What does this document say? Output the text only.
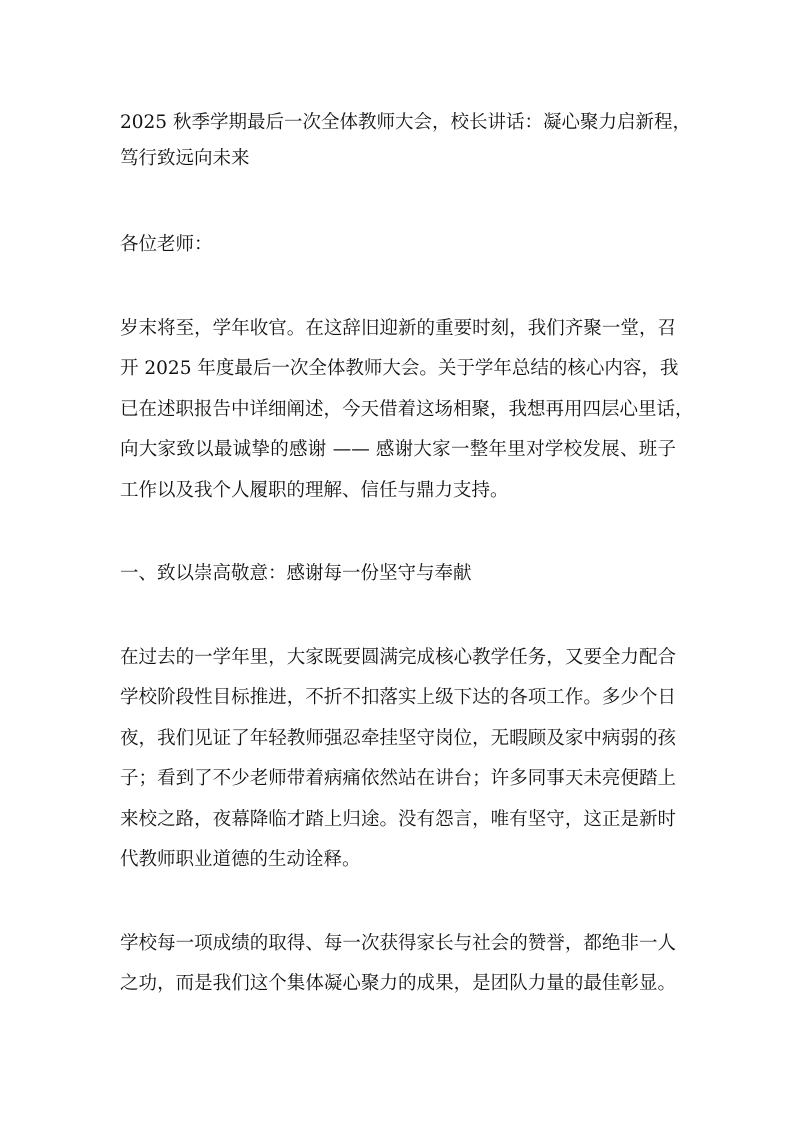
2025 秋季学期最后一次全体教师大会，校长讲话：凝心聚力启新程，
笃行致远向未来
各位老师：
岁末将至，学年收官。在这辞旧迎新的重要时刻，我们齐聚一堂，召
开 2025 年度最后一次全体教师大会。关于学年总结的核心内容，我
已在述职报告中详细阐述，今天借着这场相聚，我想再用四层心里话，
向大家致以最诚挚的感谢 —— 感谢大家一整年里对学校发展、班子
工作以及我个人履职的理解、信任与鼎力支持。
一、致以崇高敬意：感谢每一份坚守与奉献
在过去的一学年里，大家既要圆满完成核心教学任务，又要全力配合
学校阶段性目标推进，不折不扣落实上级下达的各项工作。多少个日
夜，我们见证了年轻教师强忍牵挂坚守岗位，无暇顾及家中病弱的孩
子；看到了不少老师带着病痛依然站在讲台；许多同事天未亮便踏上
来校之路，夜幕降临才踏上归途。没有怨言，唯有坚守，这正是新时
代教师职业道德的生动诠释。
学校每一项成绩的取得、每一次获得家长与社会的赞誉，都绝非一人
之功，而是我们这个集体凝心聚力的成果，是团队力量的最佳彰显。
